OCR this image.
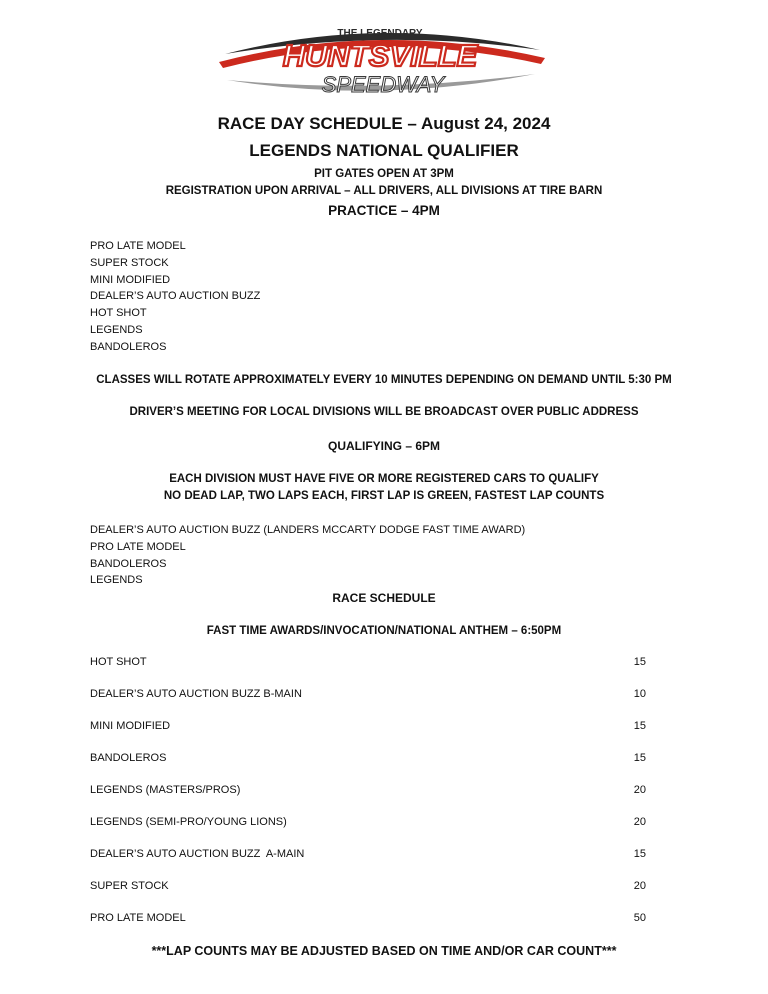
THE LEGENDARY
HUNTSVILLE
SPEEDWAY
RACE DAY SCHEDULE – August 24, 2024
LEGENDS NATIONAL QUALIFIER
PIT GATES OPEN AT 3PM
REGISTRATION UPON ARRIVAL – ALL DRIVERS, ALL DIVISIONS AT TIRE BARN
PRACTICE – 4PM
PRO LATE MODEL
SUPER STOCK
MINI MODIFIED
DEALER’S AUTO AUCTION BUZZ
HOT SHOT
LEGENDS
BANDOLEROS
CLASSES WILL ROTATE APPROXIMATELY EVERY 10 MINUTES DEPENDING ON DEMAND UNTIL 5:30 PM
DRIVER’S MEETING FOR LOCAL DIVISIONS WILL BE BROADCAST OVER PUBLIC ADDRESS
QUALIFYING – 6PM
EACH DIVISION MUST HAVE FIVE OR MORE REGISTERED CARS TO QUALIFY
NO DEAD LAP, TWO LAPS EACH, FIRST LAP IS GREEN, FASTEST LAP COUNTS
DEALER’S AUTO AUCTION BUZZ (LANDERS MCCARTY DODGE FAST TIME AWARD)
PRO LATE MODEL
BANDOLEROS
LEGENDS
RACE SCHEDULE
FAST TIME AWARDS/INVOCATION/NATIONAL ANTHEM – 6:50PM
HOT SHOT	15
DEALER’S AUTO AUCTION BUZZ B-MAIN	10
MINI MODIFIED	15
BANDOLEROS	15
LEGENDS (MASTERS/PROS)	20
LEGENDS (SEMI-PRO/YOUNG LIONS)	20
DEALER’S AUTO AUCTION BUZZ  A-MAIN	15
SUPER STOCK	20
PRO LATE MODEL	50
***LAP COUNTS MAY BE ADJUSTED BASED ON TIME AND/OR CAR COUNT***
